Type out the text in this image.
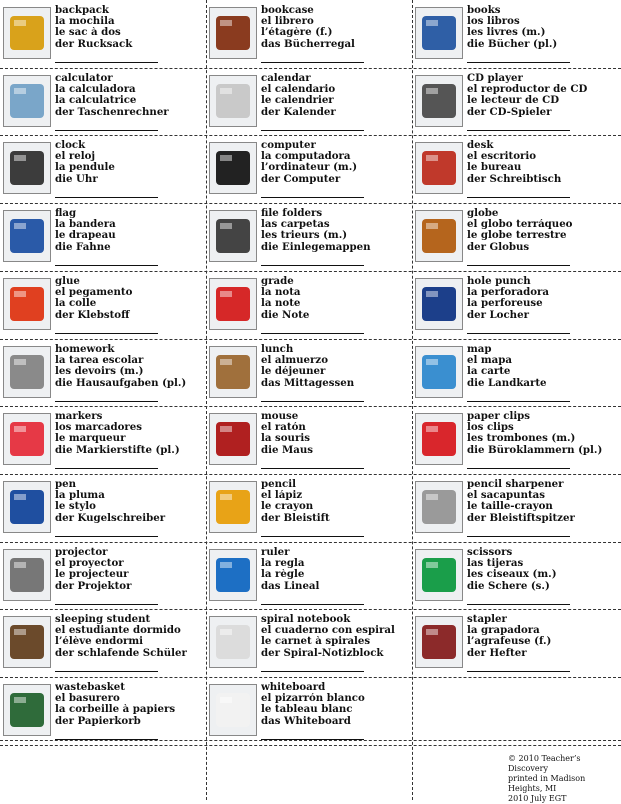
backpack
la mochila
le sac à dos
der Rucksack
bookcase
el librero
l’étagère (f.)
das Bücherregal
books
los libros
les livres (m.)
die Bücher (pl.)
calculator
la calculadora
la calculatrice
der Taschenrechner
calendar
el calendario
le calendrier
der Kalender
CD player
el reproductor de CD
le lecteur de CD
der CD-Spieler
clock
el reloj
la pendule
die Uhr
computer
la computadora
l’ordinateur (m.)
der Computer
desk
el escritorio
le bureau
der Schreibtisch
flag
la bandera
le drapeau
die Fahne
file folders
las carpetas
les trieurs (m.)
die Einlegemappen
globe
el globo terráqueo
le globe terrestre
der Globus
glue
el pegamento
la colle
der Klebstoff
grade
la nota
la note
die Note
hole punch
la perforadora
la perforeuse
der Locher
homework
la tarea escolar
les devoirs (m.)
die Hausaufgaben (pl.)
lunch
el almuerzo
le déjeuner
das Mittagessen
map
el mapa
la carte
die Landkarte
markers
los marcadores
le marqueur
die Markierstifte (pl.)
mouse
el ratón
la souris
die Maus
paper clips
los clips
les trombones (m.)
die Büroklammern (pl.)
pen
la pluma
le stylo
der Kugelschreiber
pencil
el lápiz
le crayon
der Bleistift
pencil sharpener
el sacapuntas
le taille-crayon
der Bleistiftspitzer
projector
el proyector
le projecteur
der Projektor
ruler
la regla
la règle
das Lineal
scissors
las tijeras
les ciseaux (m.)
die Schere (s.)
sleeping student
el estudiante dormido
l’élève endormi
der schlafende Schüler
spiral notebook
el cuaderno con espiral
le carnet à spirales
der Spiral-Notizblock
stapler
la grapadora
l’agrafeuse (f.)
der Hefter
wastebasket
el basurero
la corbeille à papiers
der Papierkorb
whiteboard
el pizarrón blanco
le tableau blanc
das Whiteboard
© 2010 Teacher’s Discovery
printed in Madison Heights, MI
2010 July EGT
